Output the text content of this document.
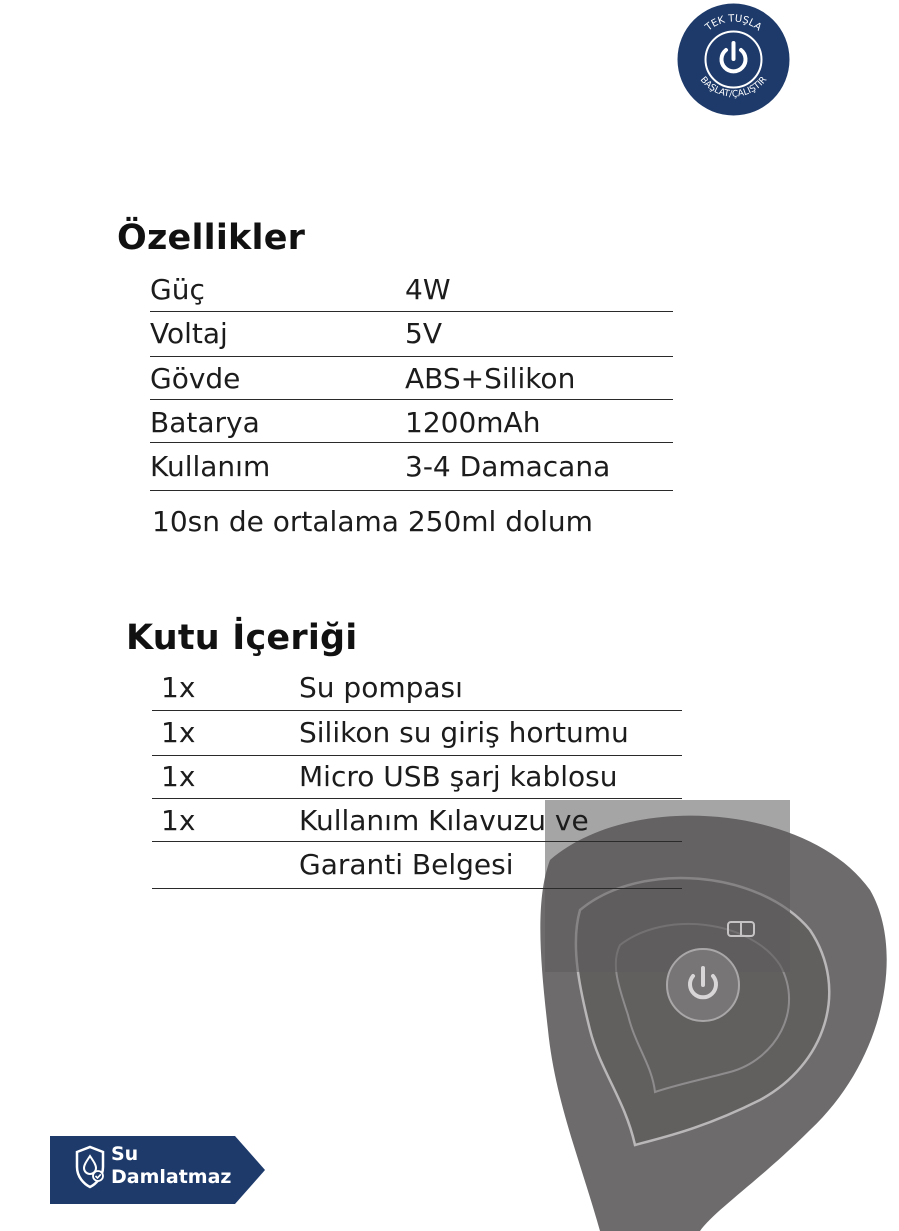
TEK TUŞLA
BAŞLAT/ÇALIŞTIR
Özellikler
Güç	4W
Voltaj	5V
Gövde	ABS+Silikon
Batarya	1200mAh
Kullanım	3-4 Damacana
10sn de ortalama 250ml dolum
Kutu İçeriği
1x	Su pompası
1x	Silikon su giriş hortumu
1x	Micro USB şarj kablosu
1x	Kullanım Kılavuzu ve
Garanti Belgesi
Su
Damlatmaz
